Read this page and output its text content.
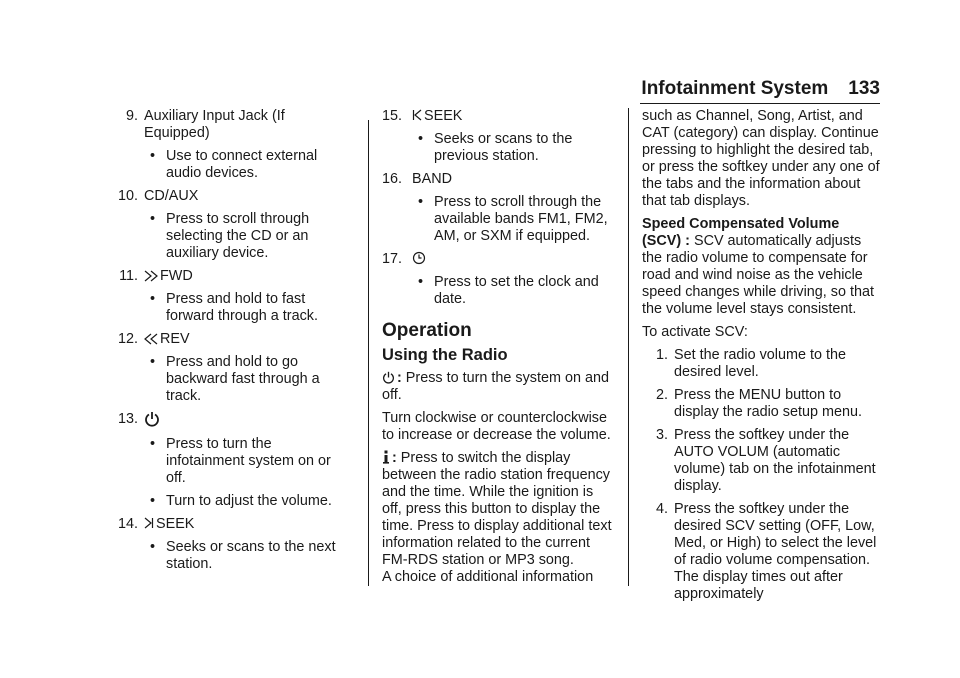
Infotainment System 133
9. Auxiliary Input Jack (If Equipped)
• Use to connect external audio devices.
10. CD/AUX
• Press to scroll through selecting the CD or an auxiliary device.
11.	FWD
• Press and hold to fast forward through a track.
12.	REV
• Press and hold to go backward fast through a track.
13.
• Press to turn the infotainment system on or off.
• Turn to adjust the volume.
14.	SEEK
• Seeks or scans to the next station.
15.	SEEK
• Seeks or scans to the previous station.
16. BAND
• Press to scroll through the available bands FM1, FM2, AM, or SXM if equipped.
17.
• Press to set the clock and date.
Operation
Using the Radio

: Press to turn the system on and off.

Turn clockwise or counterclockwise to increase or decrease the volume.

: Press to switch the display between the radio station frequency and the time. While the ignition is off, press this button to display the time. Press to display additional text information related to the current FM-RDS station or MP3 song.

A choice of additional information

such as Channel, Song, Artist, and CAT (category) can display. Continue pressing to highlight the desired tab, or press the softkey under any one of the tabs and the information about that tab displays.

Speed Compensated Volume (SCV) : SCV automatically adjusts the radio volume to compensate for road and wind noise as the vehicle speed changes while driving, so that the volume level stays consistent.

To activate SCV:

1. Set the radio volume to the desired level.
2. Press the MENU button to display the radio setup menu.
3. Press the softkey under the AUTO VOLUM (automatic volume) tab on the infotainment display.
4. Press the softkey under the desired SCV setting (OFF, Low, Med, or High) to select the level of radio volume compensation. The display times out after approximately
